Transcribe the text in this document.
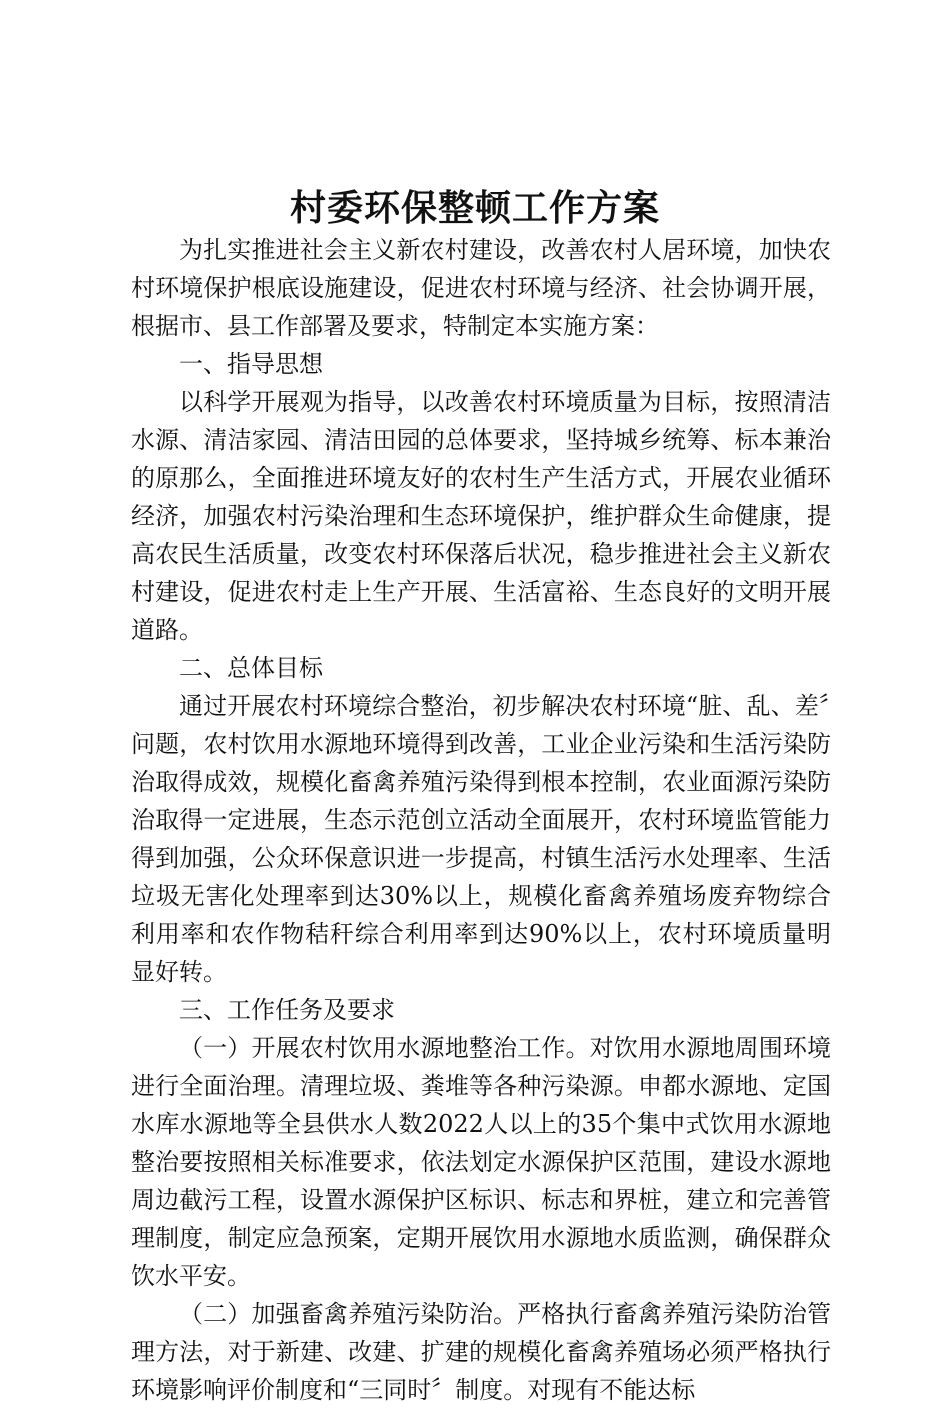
村委环保整顿工作方案

为扎实推进社会主义新农村建设，改善农村人居环境，加快农村环境保护根底设施建设，促进农村环境与经济、社会协调开展，根据市、县工作部署及要求，特制定本实施方案：

一、指导思想

以科学开展观为指导，以改善农村环境质量为目标，按照清洁水源、清洁家园、清洁田园的总体要求，坚持城乡统筹、标本兼治的原那么，全面推进环境友好的农村生产生活方式，开展农业循环经济，加强农村污染治理和生态环境保护，维护群众生命健康，提高农民生活质量，改变农村环保落后状况，稳步推进社会主义新农村建设，促进农村走上生产开展、生活富裕、生态良好的文明开展道路。

二、总体目标

通过开展农村环境综合整治，初步解决农村环境“脏、乱、差〞问题，农村饮用水源地环境得到改善，工业企业污染和生活污染防治取得成效，规模化畜禽养殖污染得到根本控制，农业面源污染防治取得一定进展，生态示范创立活动全面展开，农村环境监管能力得到加强，公众环保意识进一步提高，村镇生活污水处理率、生活垃圾无害化处理率到达30%以上，规模化畜禽养殖场废弃物综合利用率和农作物秸秆综合利用率到达90%以上，农村环境质量明显好转。

三、工作任务及要求

（一）开展农村饮用水源地整治工作。对饮用水源地周围环境进行全面治理。清理垃圾、粪堆等各种污染源。申都水源地、定国水库水源地等全县供水人数2022人以上的35个集中式饮用水源地整治要按照相关标准要求，依法划定水源保护区范围，建设水源地周边截污工程，设置水源保护区标识、标志和界桩，建立和完善管理制度，制定应急预案，定期开展饮用水源地水质监测，确保群众饮水平安。

（二）加强畜禽养殖污染防治。严格执行畜禽养殖污染防治管理方法，对于新建、改建、扩建的规模化畜禽养殖场必须严格执行环境影响评价制度和“三同时〞制度。对现有不能达标
